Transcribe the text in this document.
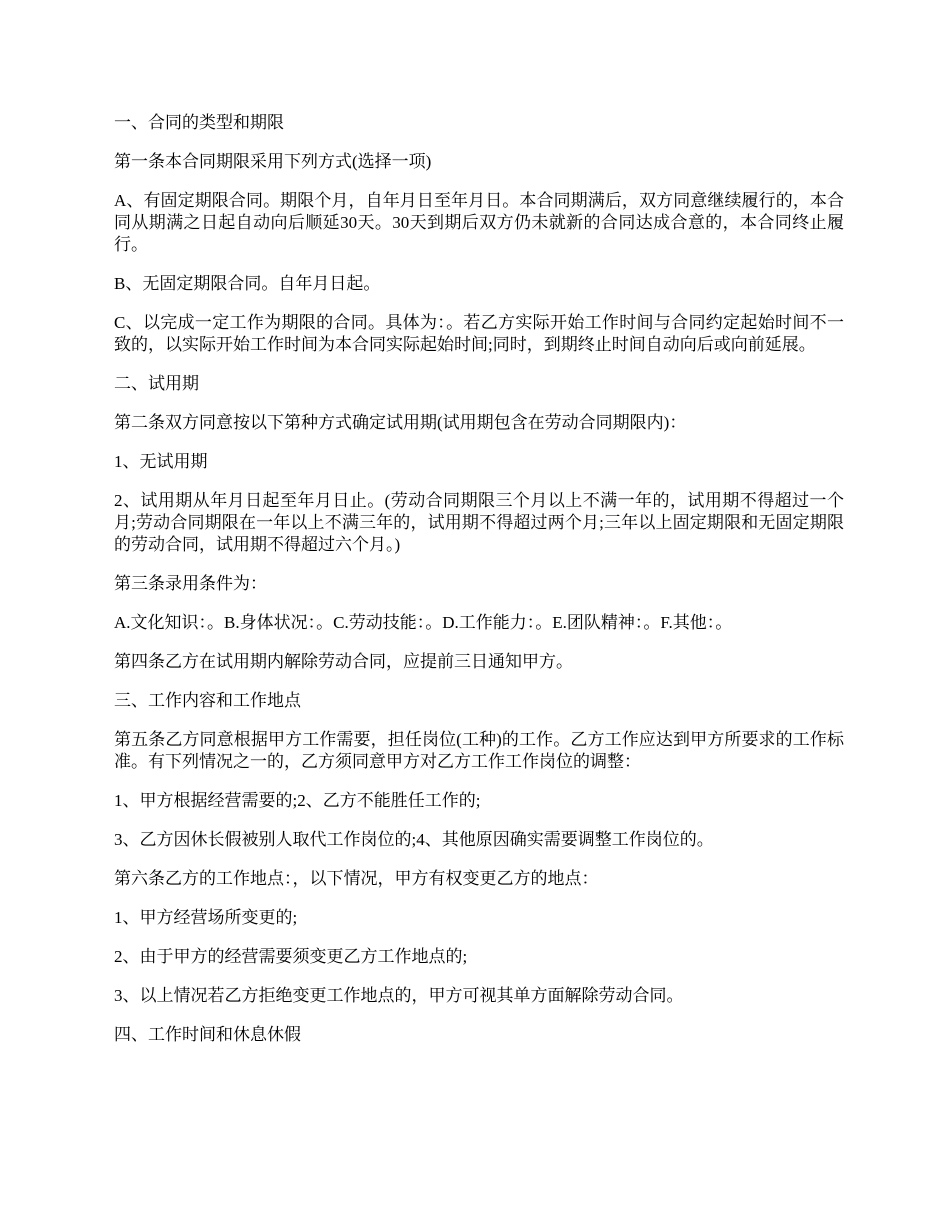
一、合同的类型和期限

第一条本合同期限采用下列方式(选择一项)

A、有固定期限合同。期限个月，自年月日至年月日。本合同期满后，双方同意继续履行的，本合同从期满之日起自动向后顺延30天。30天到期后双方仍未就新的合同达成合意的，本合同终止履行。

B、无固定期限合同。自年月日起。

C、以完成一定工作为期限的合同。具体为：。若乙方实际开始工作时间与合同约定起始时间不一致的，以实际开始工作时间为本合同实际起始时间;同时，到期终止时间自动向后或向前延展。

二、试用期

第二条双方同意按以下第种方式确定试用期(试用期包含在劳动合同期限内)：

1、无试用期

2、试用期从年月日起至年月日止。(劳动合同期限三个月以上不满一年的，试用期不得超过一个月;劳动合同期限在一年以上不满三年的，试用期不得超过两个月;三年以上固定期限和无固定期限的劳动合同，试用期不得超过六个月。)

第三条录用条件为：

A.文化知识：。B.身体状况：。C.劳动技能：。D.工作能力：。E.团队精神：。F.其他：。

第四条乙方在试用期内解除劳动合同，应提前三日通知甲方。

三、工作内容和工作地点

第五条乙方同意根据甲方工作需要，担任岗位(工种)的工作。乙方工作应达到甲方所要求的工作标准。有下列情况之一的，乙方须同意甲方对乙方工作工作岗位的调整：

1、甲方根据经营需要的;2、乙方不能胜任工作的;

3、乙方因休长假被别人取代工作岗位的;4、其他原因确实需要调整工作岗位的。

第六条乙方的工作地点：，以下情况，甲方有权变更乙方的地点：

1、甲方经营场所变更的;

2、由于甲方的经营需要须变更乙方工作地点的;

3、以上情况若乙方拒绝变更工作地点的，甲方可视其单方面解除劳动合同。

四、工作时间和休息休假
